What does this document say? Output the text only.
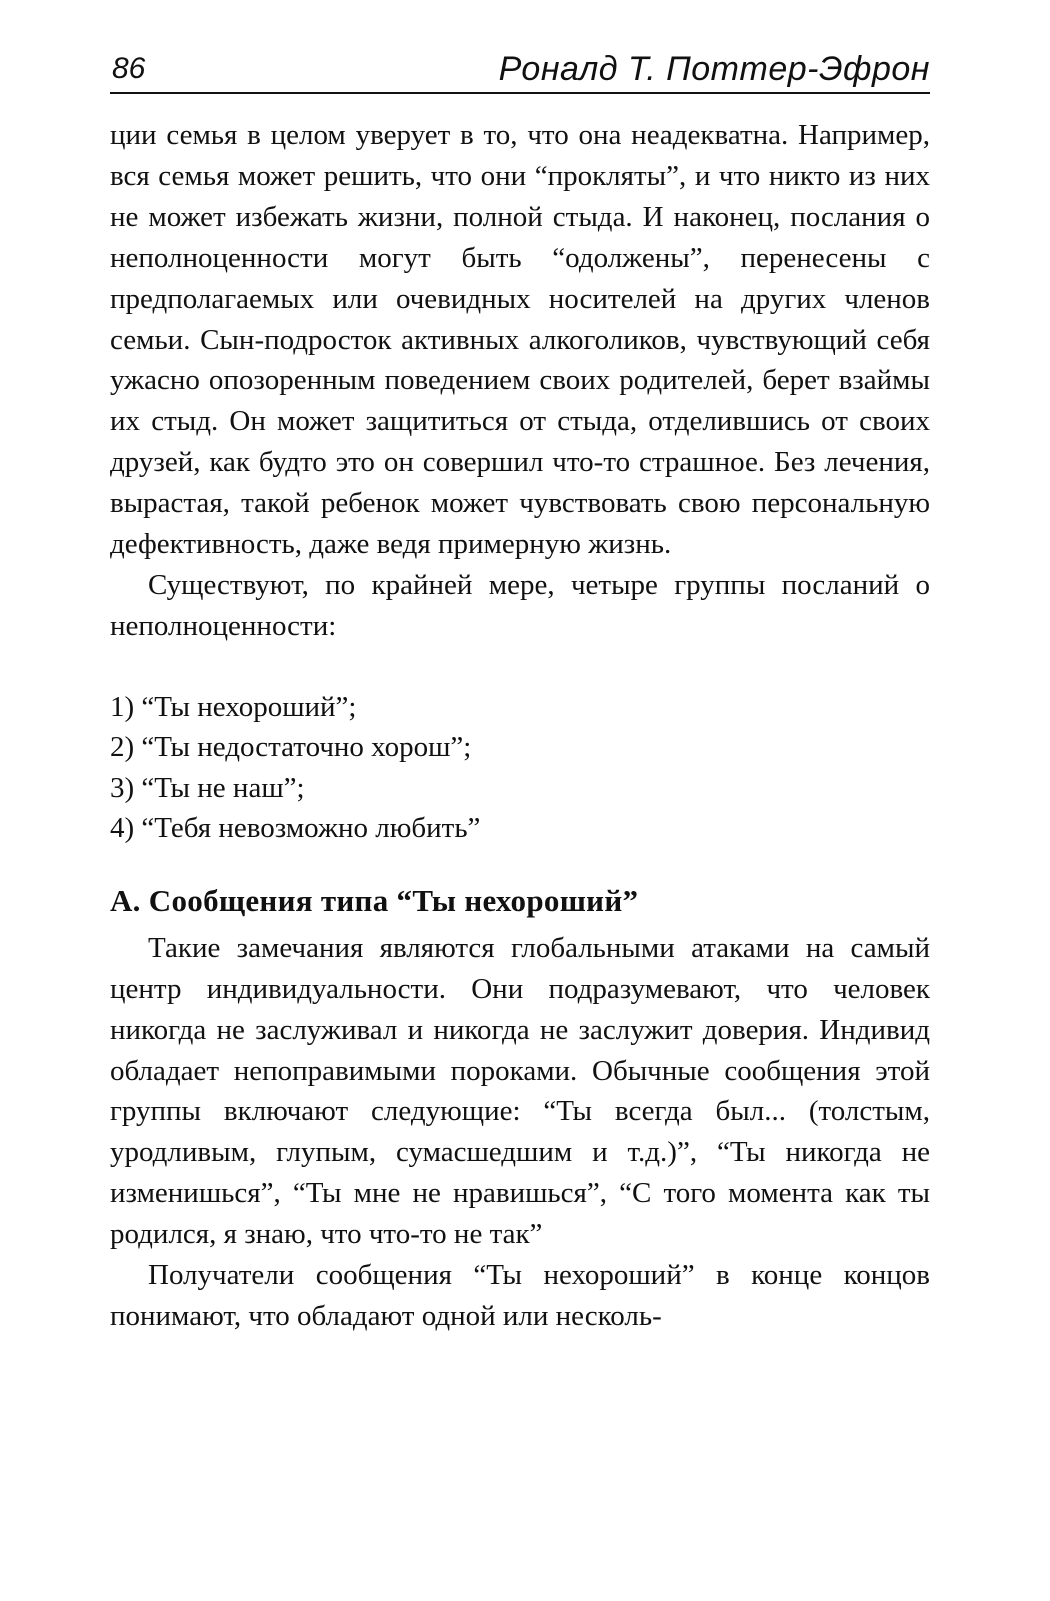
86	Роналд Т. Поттер-Эфрон

ции семья в целом уверует в то, что она неадекватна. Например, вся семья может решить, что они “прокляты”, и что никто из них не может избежать жизни, полной стыда. И наконец, послания о неполноценности могут быть “одолжены”, перенесены с предполагаемых или очевидных носителей на других членов семьи. Сын-подросток активных алкоголиков, чувствующий себя ужасно опозоренным поведением своих родителей, берет взаймы их стыд. Он может защититься от стыда, отделившись от своих друзей, как будто это он совершил что-то страшное. Без лечения, вырастая, такой ребенок может чувствовать свою персональную дефективность, даже ведя примерную жизнь.

Существуют, по крайней мере, четыре группы посланий о неполноценности:

1) “Ты нехороший”;
2) “Ты недостаточно хорош”;
3) “Ты не наш”;
4) “Тебя невозможно любить”
А. Сообщения типа “Ты нехороший”

Такие замечания являются глобальными атаками на самый центр индивидуальности. Они подразумевают, что человек никогда не заслуживал и никогда не заслужит доверия. Индивид обладает непоправимыми пороками. Обычные сообщения этой группы включают следующие: “Ты всегда был... (толстым, уродливым, глупым, сумасшедшим и т.д.)”, “Ты никогда не изменишься”, “Ты мне не нравишься”, “С того момента как ты родился, я знаю, что что-то не так”

Получатели сообщения “Ты нехороший” в конце концов понимают, что обладают одной или несколь-
